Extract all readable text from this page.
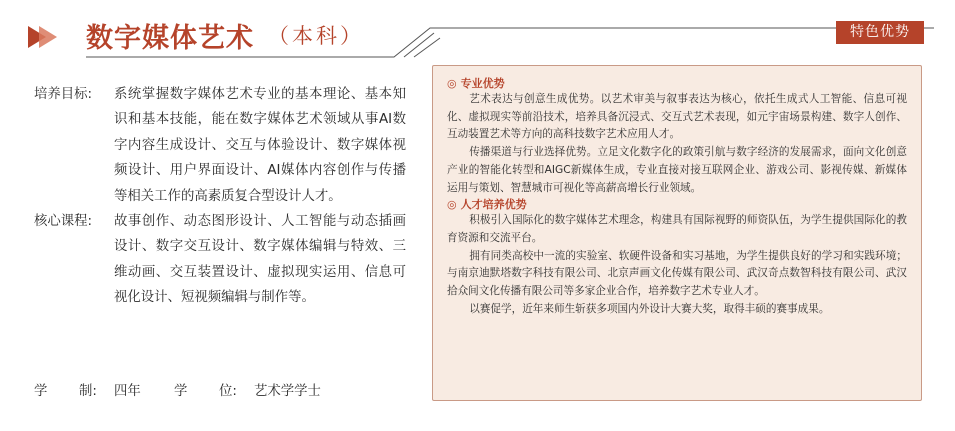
数字媒体艺术 （本科）	特色优势
培养目标:	系统掌握数字媒体艺术专业的基本理论、基本知识和基本技能，能在数字媒体艺术领域从事AI数字内容生成设计、交互与体验设计、数字媒体视频设计、用户界面设计、AI媒体内容创作与传播等相关工作的高素质复合型设计人才。
核心课程:	故事创作、动态图形设计、人工智能与动态插画设计、数字交互设计、数字媒体编辑与特效、三维动画、交互装置设计、虚拟现实运用、信息可视化设计、短视频编辑与制作等。
学 制: 四年 学 位: 艺术学学士
◎ 专业优势

艺术表达与创意生成优势。以艺术审美与叙事表达为核心，依托生成式人工智能、信息可视化、虚拟现实等前沿技术，培养具备沉浸式、交互式艺术表现，如元宇宙场景构建、数字人创作、互动装置艺术等方向的高科技数字艺术应用人才。

传播渠道与行业选择优势。立足文化数字化的政策引航与数字经济的发展需求，面向文化创意产业的智能化转型和AIGC新媒体生成，专业直接对接互联网企业、游戏公司、影视传媒、新媒体运用与策划、智慧城市可视化等高薪高增长行业领域。

◎ 人才培养优势

积极引入国际化的数字媒体艺术理念，构建具有国际视野的师资队伍，为学生提供国际化的教育资源和交流平台。

拥有同类高校中一流的实验室、软硬件设备和实习基地，为学生提供良好的学习和实践环境；与南京迪默塔数字科技有限公司、北京声画文化传媒有限公司、武汉奇点数智科技有限公司、武汉拾众间文化传播有限公司等多家企业合作，培养数字艺术专业人才。

以赛促学，近年来师生斩获多项国内外设计大赛大奖，取得丰硕的赛事成果。
